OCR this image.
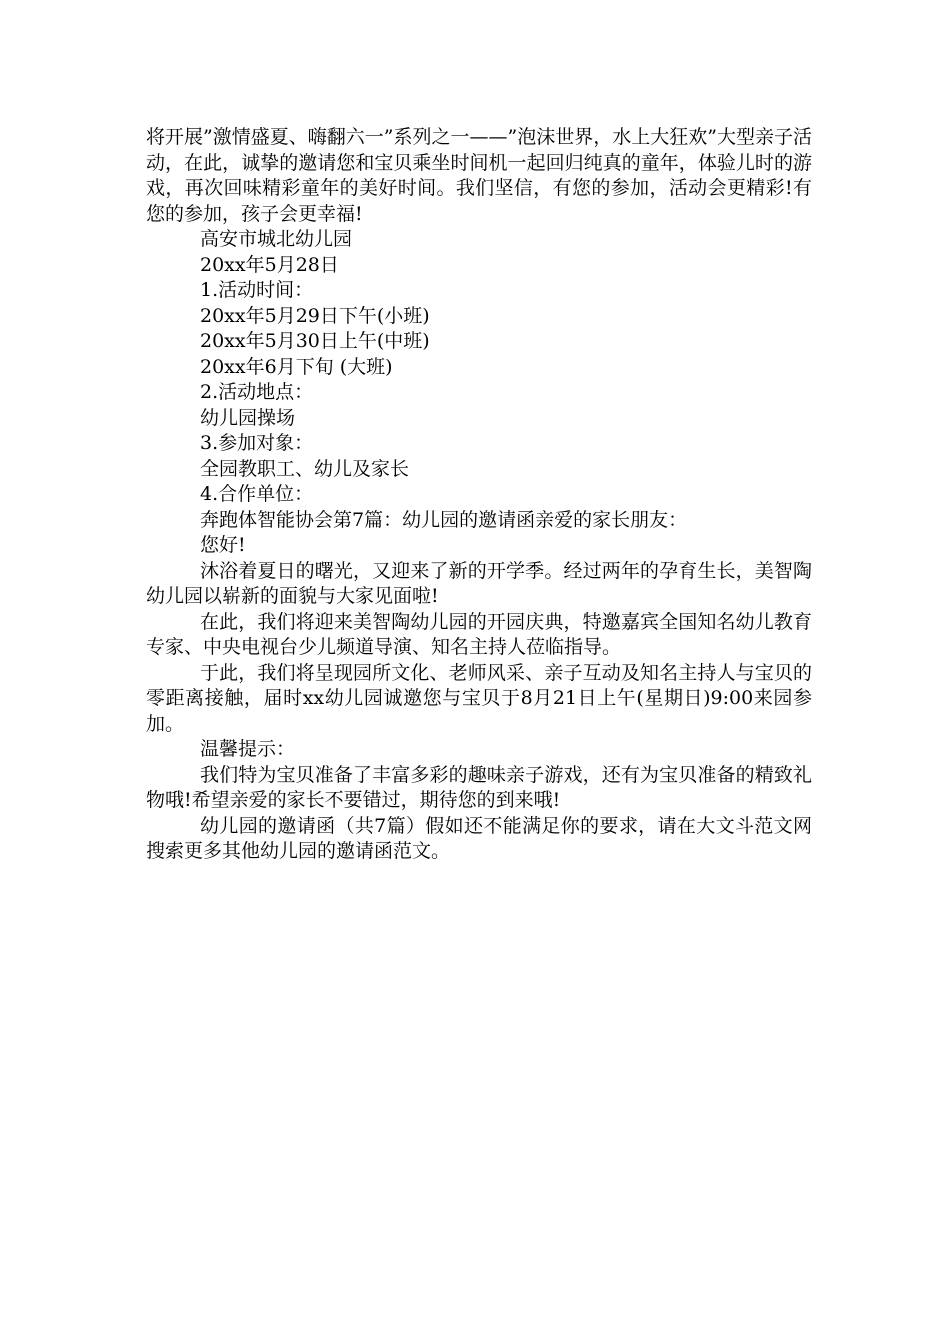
将开展”激情盛夏、嗨翻六一”系列之一——”泡沫世界，水上大狂欢”大型亲子活动，在此，诚挚的邀请您和宝贝乘坐时间机一起回归纯真的童年，体验儿时的游戏，再次回味精彩童年的美好时间。我们坚信，有您的参加，活动会更精彩!有您的参加，孩子会更幸福!

高安市城北幼儿园

20xx年5月28日

1.活动时间：

20xx年5月29日下午(小班)

20xx年5月30日上午(中班)

20xx年6月下旬 (大班)

2.活动地点：

幼儿园操场

3.参加对象：

全园教职工、幼儿及家长

4.合作单位：

奔跑体智能协会第7篇：幼儿园的邀请函亲爱的家长朋友：

您好!

沐浴着夏日的曙光，又迎来了新的开学季。经过两年的孕育生长，美智陶幼儿园以崭新的面貌与大家见面啦!

在此，我们将迎来美智陶幼儿园的开园庆典，特邀嘉宾全国知名幼儿教育专家、中央电视台少儿频道导演、知名主持人莅临指导。

于此，我们将呈现园所文化、老师风采、亲子互动及知名主持人与宝贝的零距离接触，届时xx幼儿园诚邀您与宝贝于8月21日上午(星期日)9:00来园参加。

温馨提示：

我们特为宝贝准备了丰富多彩的趣味亲子游戏，还有为宝贝准备的精致礼物哦!希望亲爱的家长不要错过，期待您的到来哦!

幼儿园的邀请函（共7篇）假如还不能满足你的要求，请在大文斗范文网搜索更多其他幼儿园的邀请函范文。
